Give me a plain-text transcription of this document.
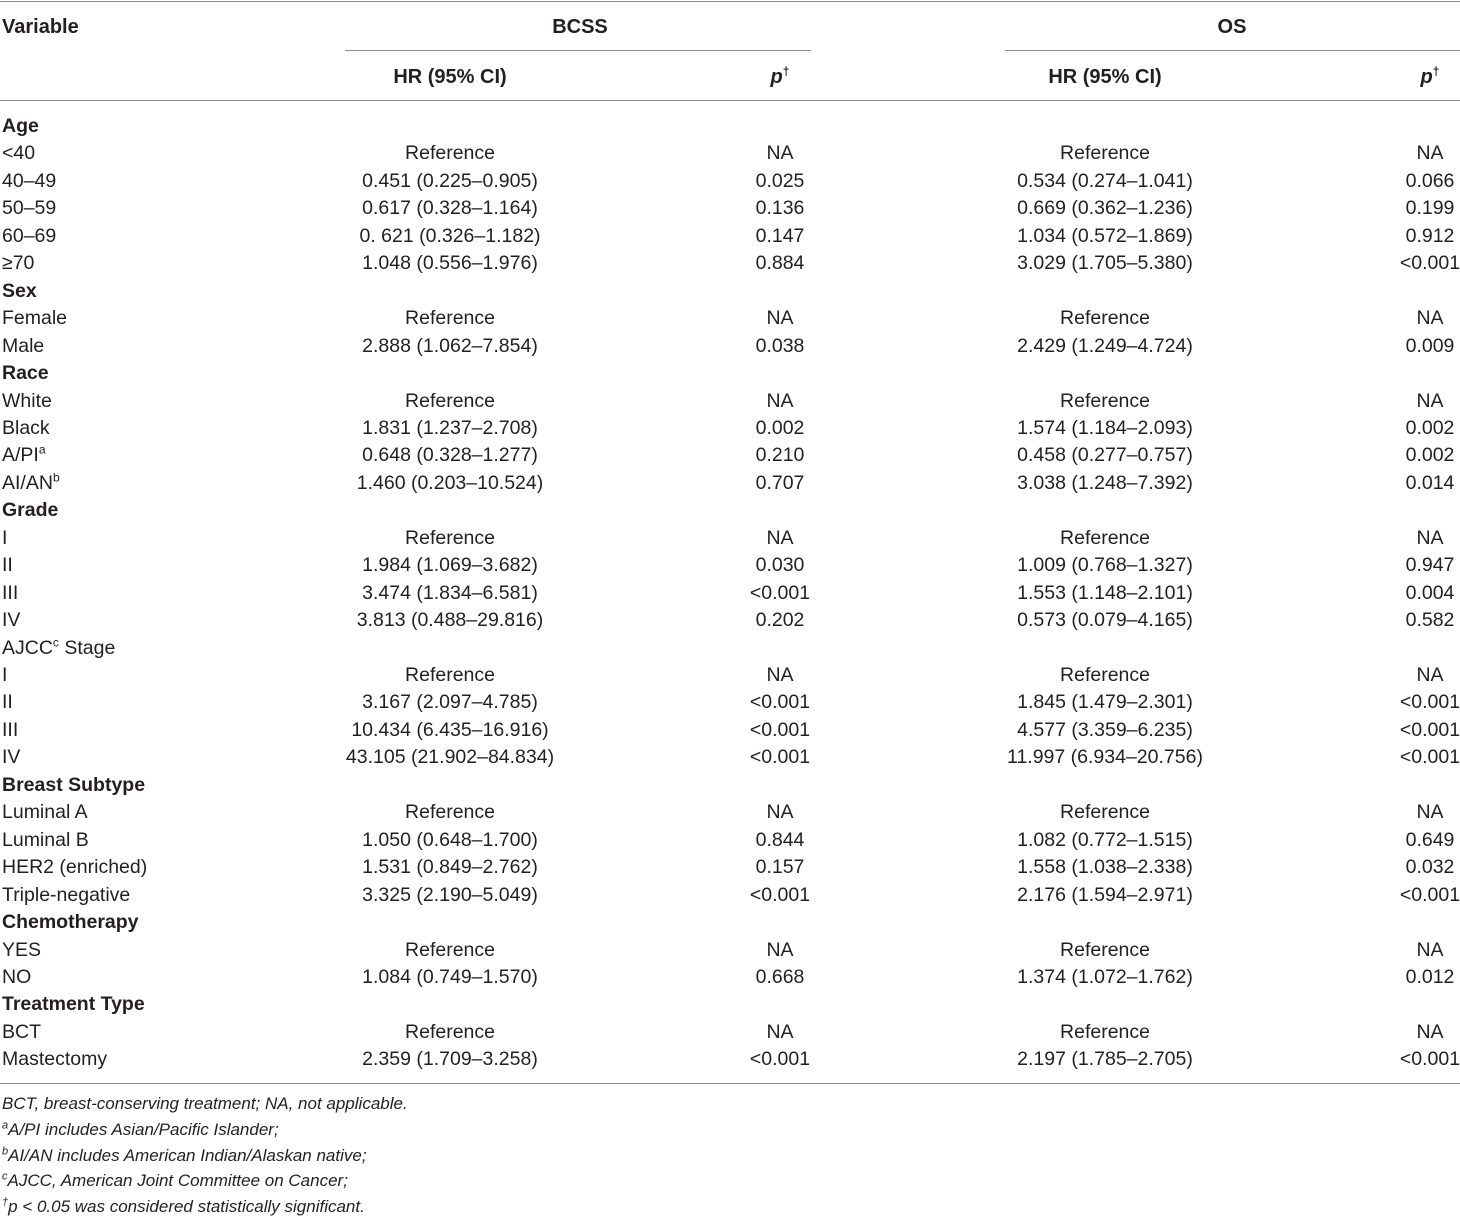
Variable	BCSS	OS
HR (95% CI)	p†	HR (95% CI)	p†
Age
<40	Reference	NA	Reference	NA
40–49	0.451 (0.225–0.905)	0.025	0.534 (0.274–1.041)	0.066
50–59	0.617 (0.328–1.164)	0.136	0.669 (0.362–1.236)	0.199
60–69	0. 621 (0.326–1.182)	0.147	1.034 (0.572–1.869)	0.912
≥70	1.048 (0.556–1.976)	0.884	3.029 (1.705–5.380)	<0.001
Sex
Female	Reference	NA	Reference	NA
Male	2.888 (1.062–7.854)	0.038	2.429 (1.249–4.724)	0.009
Race
White	Reference	NA	Reference	NA
Black	1.831 (1.237–2.708)	0.002	1.574 (1.184–2.093)	0.002
$A/PI^a$	0.648 (0.328–1.277)	0.210	0.458 (0.277–0.757)	0.002
$AI/AN^b$	1.460 (0.203–10.524)	0.707	3.038 (1.248–7.392)	0.014
Grade
I	Reference	NA	Reference	NA
II	1.984 (1.069–3.682)	0.030	1.009 (0.768–1.327)	0.947
III	3.474 (1.834–6.581)	<0.001	1.553 (1.148–2.101)	0.004
IV	3.813 (0.488–29.816)	0.202	0.573 (0.079–4.165)	0.582
AJCC$^c$ Stage
I	Reference	NA	Reference	NA
II	3.167 (2.097–4.785)	<0.001	1.845 (1.479–2.301)	<0.001
III	10.434 (6.435–16.916)	<0.001	4.577 (3.359–6.235)	<0.001
IV	43.105 (21.902–84.834)	<0.001	11.997 (6.934–20.756)	<0.001
Breast Subtype
Luminal A	Reference	NA	Reference	NA
Luminal B	1.050 (0.648–1.700)	0.844	1.082 (0.772–1.515)	0.649
HER2 (enriched)	1.531 (0.849–2.762)	0.157	1.558 (1.038–2.338)	0.032
Triple-negative	3.325 (2.190–5.049)	<0.001	2.176 (1.594–2.971)	<0.001
Chemotherapy
YES	Reference	NA	Reference	NA
NO	1.084 (0.749–1.570)	0.668	1.374 (1.072–1.762)	0.012
Treatment Type
BCT	Reference	NA	Reference	NA
Mastectomy	2.359 (1.709–3.258)	<0.001	2.197 (1.785–2.705)	<0.001
BCT, breast-conserving treatment; NA, not applicable.
$^a$A/PI includes Asian/Pacific Islander;
$^b$AI/AN includes American Indian/Alaskan native;
$^c$AJCC, American Joint Committee on Cancer;
†p < 0.05 was considered statistically significant.
